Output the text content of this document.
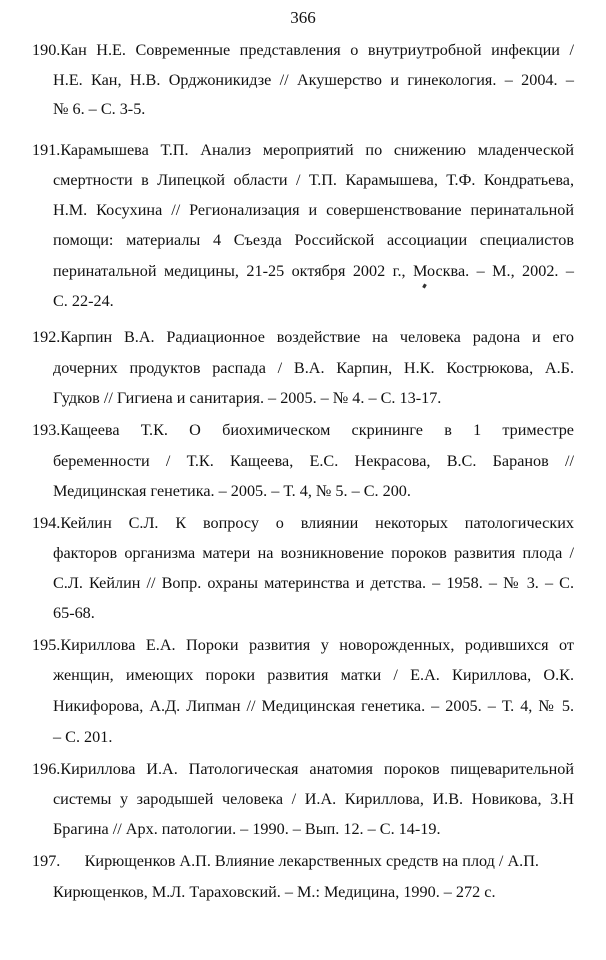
366
190.Кан Н.Е. Современные представления о внутриутробной инфекции /
Н.Е. Кан, Н.В. Орджоникидзе // Акушерство и гинекология. – 2004. –
№ 6. – С. 3-5.
191.Карамышева Т.П. Анализ мероприятий по снижению младенческой
смертности в Липецкой области / Т.П. Карамышева, Т.Ф. Кондратьева,
Н.М. Косухина // Регионализация и совершенствование перинатальной
помощи: материалы 4 Съезда Российской ассоциации специалистов
перинатальной медицины, 21-25 октября 2002 г., Москва. – М., 2002. –
С. 22-24.
192.Карпин В.А. Радиационное воздействие на человека радона и его
дочерних продуктов распада / В.А. Карпин, Н.К. Кострюкова, А.Б.
Гудков // Гигиена и санитария. – 2005. – № 4. – С. 13-17.
193.Кащеева Т.К. О биохимическом скрининге в 1 триместре
беременности / Т.К. Кащеева, Е.С. Некрасова, В.С. Баранов //
Медицинская генетика. – 2005. – Т. 4, № 5. – С. 200.
194.Кейлин С.Л. К вопросу о влиянии некоторых патологических
факторов организма матери на возникновение пороков развития плода /
С.Л. Кейлин // Вопр. охраны материнства и детства. – 1958. – № 3. – С.
65-68.
195.Кириллова Е.А. Пороки развития у новорожденных, родившихся от
женщин, имеющих пороки развития матки / Е.А. Кириллова, О.К.
Никифорова, А.Д. Липман // Медицинская генетика. – 2005. – Т. 4, № 5.
– С. 201.
196.Кириллова И.А. Патологическая анатомия пороков пищеварительной
системы у зародышей человека / И.А. Кириллова, И.В. Новикова, З.Н
Брагина // Арх. патологии. – 1990. – Вып. 12. – С. 14-19.
197.      Кирющенков А.П. Влияние лекарственных средств на плод / А.П.
Кирющенков, М.Л. Тараховский. – М.: Медицина, 1990. – 272 с.
